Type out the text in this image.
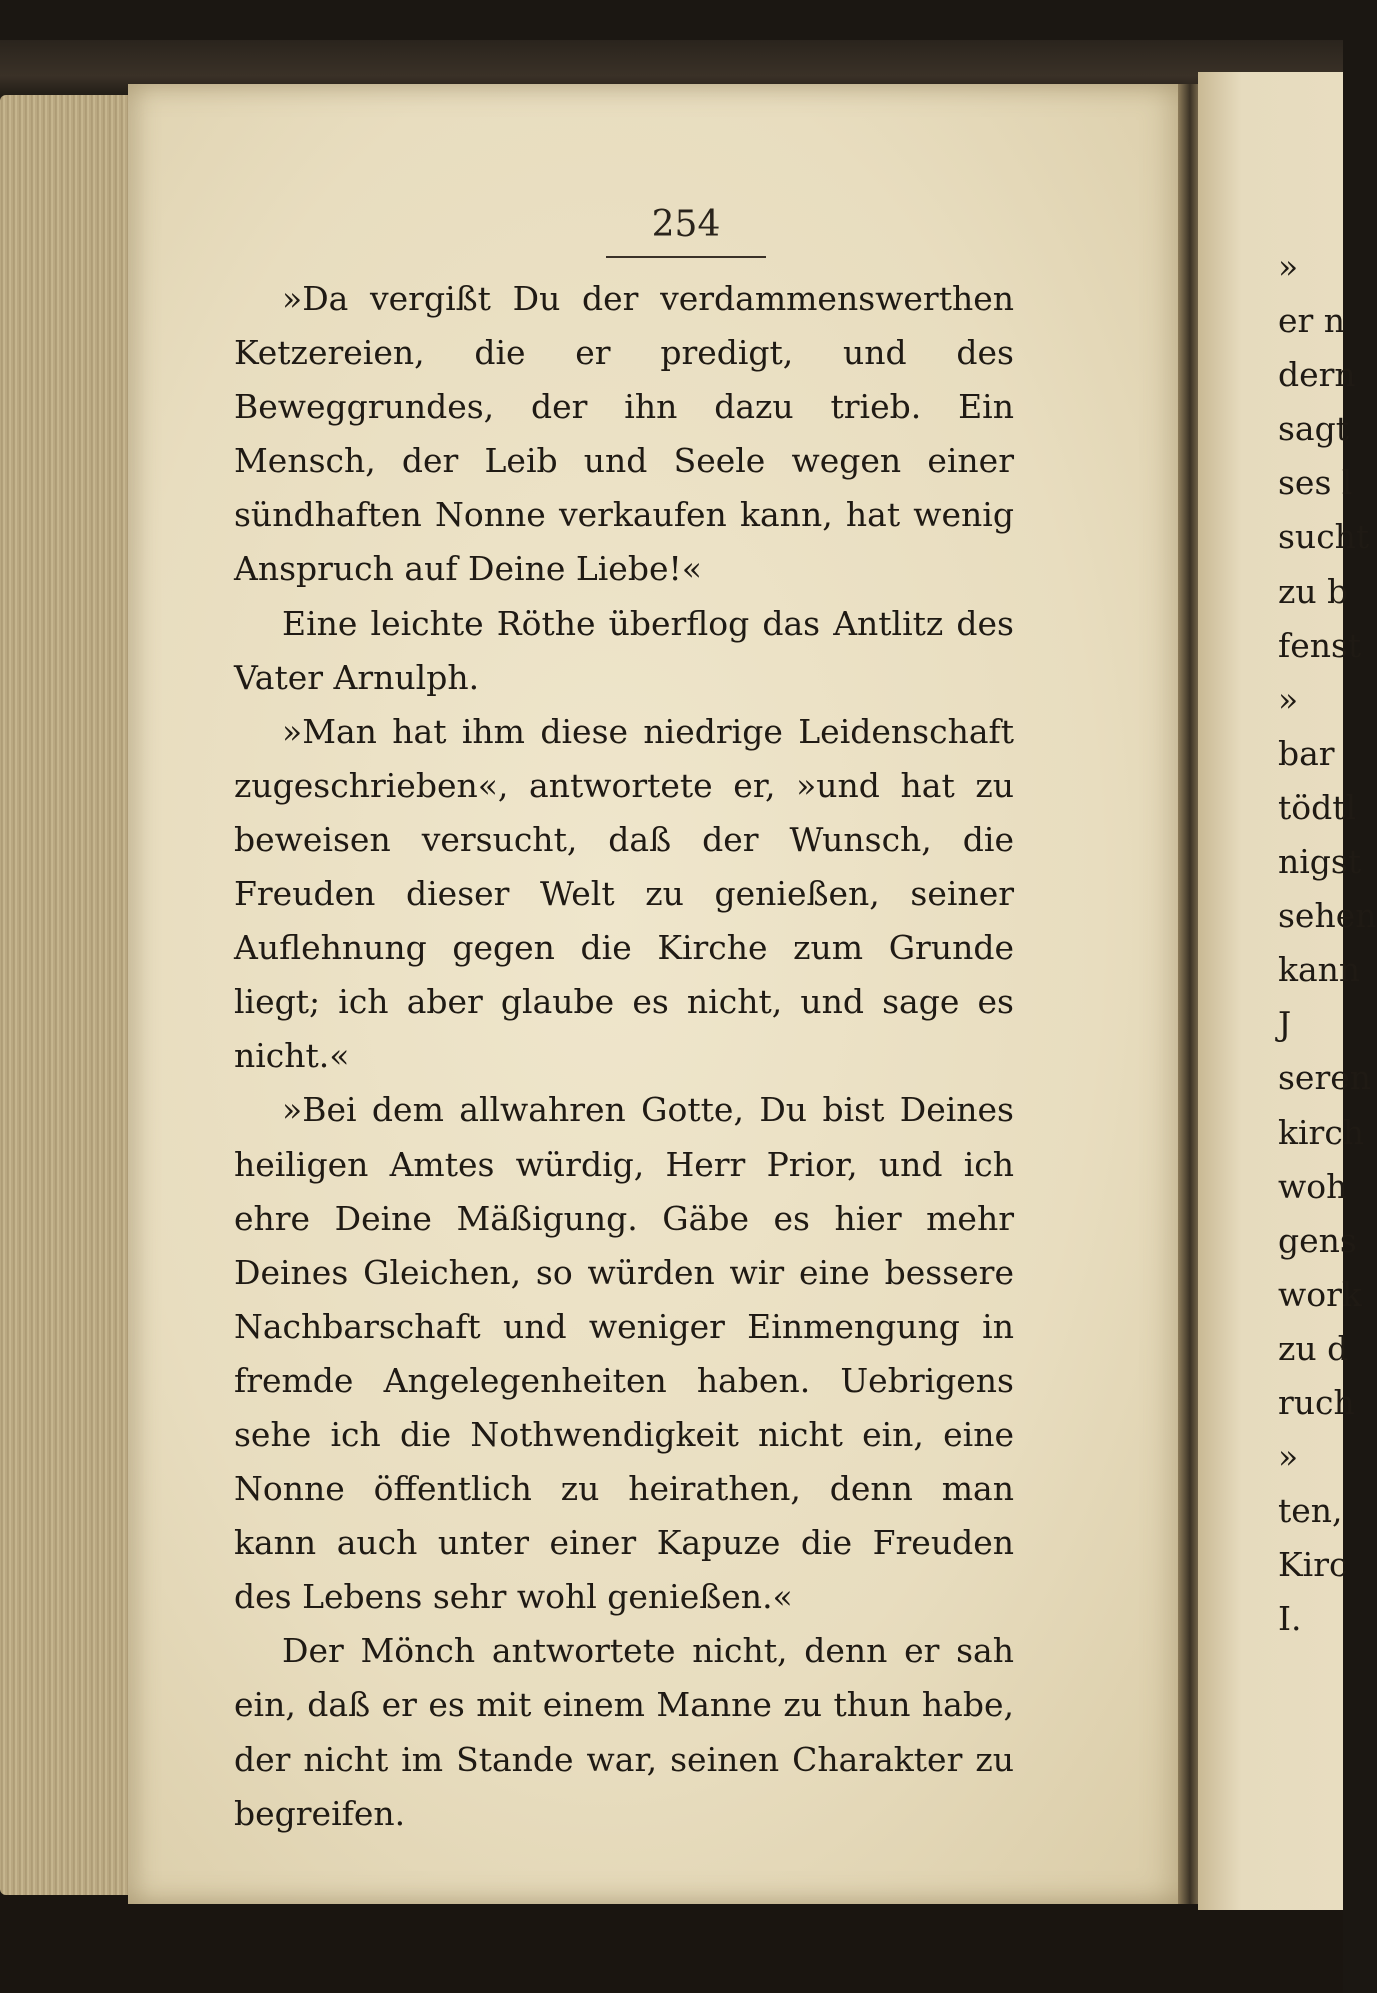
254

»Da vergißt Du der verdammenswerthen Ketzereien, die er predigt, und des Beweggrundes, der ihn dazu trieb. Ein Mensch, der Leib und Seele wegen einer sündhaften Nonne verkaufen kann, hat wenig Anspruch auf Deine Liebe!«

Eine leichte Röthe überflog das Antlitz des Vater Arnulph.

»Man hat ihm diese niedrige Leidenschaft zugeschrieben«, antwortete er, »und hat zu beweisen versucht, daß der Wunsch, die Freuden dieser Welt zu genießen, seiner Auflehnung gegen die Kirche zum Grunde liegt; ich aber glaube es nicht, und sage es nicht.«

»Bei dem allwahren Gotte, Du bist Deines heiligen Amtes würdig, Herr Prior, und ich ehre Deine Mäßigung. Gäbe es hier mehr Deines Gleichen, so würden wir eine bessere Nachbarschaft und weniger Einmengung in fremde Angelegenheiten haben. Uebrigens sehe ich die Nothwendigkeit nicht ein, eine Nonne öffentlich zu heirathen, denn man kann auch unter einer Kapuze die Freuden des Lebens sehr wohl genießen.«

Der Mönch antwortete nicht, denn er sah ein, daß er es mit einem Manne zu thun habe, der nicht im Stande war, seinen Charakter zu begreifen.

»
er n
dern
sagt
ses l
sucht
zu b
fenst
»
bar
tödtl
nigst
sehen
kann
J
seren
kirch
woh
gens
work
zu d
ruch
»
ten,
Kirc
I.
